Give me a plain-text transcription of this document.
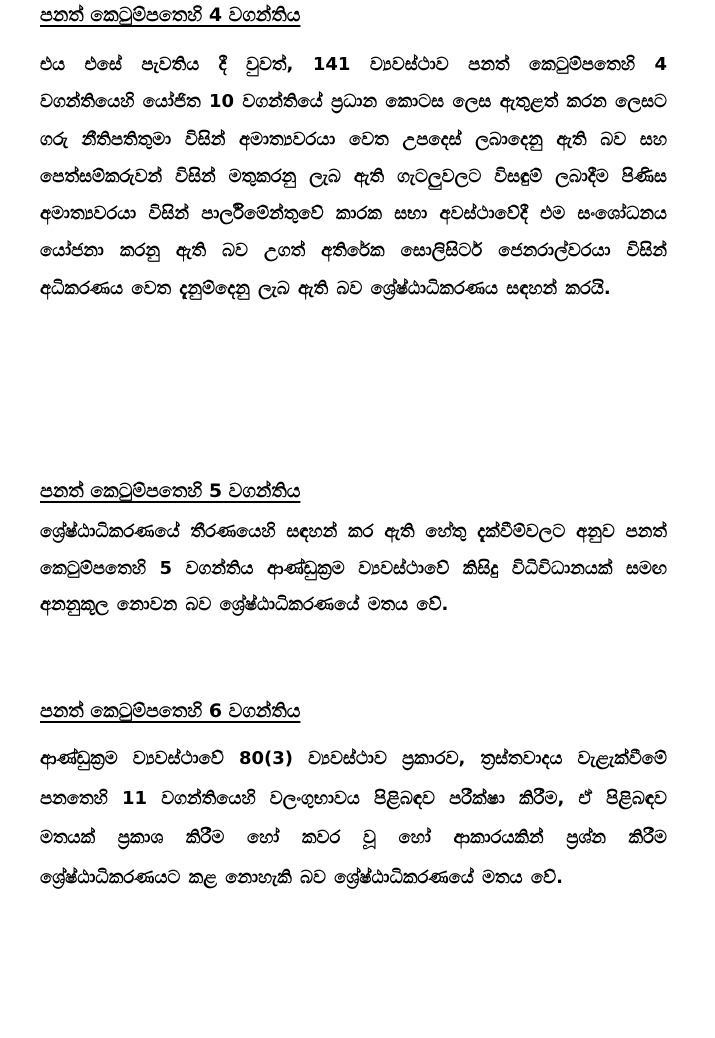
පනත් කෙටුම්පතෙහි 4 වගන්තිය

එය එසේ පැවතිය දී වුවත්, 141 ව්‍යවස්ථාව පනත් කෙටුම්පතෙහි 4 වගන්තියෙහි යෝජිත 10 වගන්තියේ ප්‍රධාන කොටස ලෙස ඇතුළත් කරන ලෙසට ගරු නීතිපතිතුමා විසින් අමාත්‍යවරයා වෙත උපදෙස් ලබාදෙනු ඇති බව සහ පෙත්සම්කරුවන් විසින් මතුකරනු ලැබ ඇති ගැටලුවලට විසඳුම් ලබාදීම පිණිස අමාත්‍යවරයා විසින් පාර්ලිමේන්තුවේ කාරක සභා අවස්ථාවේදී එම සංශෝධනය යෝජනා කරනු ඇති බව උගත් අතිරේක සොලිසිටර් ජෙනරාල්වරයා විසින් අධිකරණය වෙත දැනුම්දෙනු ලැබ ඇති බව ශ්‍රේෂ්ඨාධිකරණය සඳහන් කරයි.

පනත් කෙටුම්පතෙහි 5 වගන්තිය

ශ්‍රේෂ්ඨාධිකරණයේ තීරණයෙහි සඳහන් කර ඇති හේතු දැක්වීම්වලට අනුව පනත් කෙටුම්පතෙහි 5 වගන්තිය ආණ්ඩුක්‍රම ව්‍යවස්ථාවේ කිසිදු විධිවිධානයක් සමඟ අනනුකූල නොවන බව ශ්‍රේෂ්ඨාධිකරණයේ මතය වේ.

පනත් කෙටුම්පතෙහි 6 වගන්තිය

ආණ්ඩුක්‍රම ව්‍යවස්ථාවේ 80(3) ව්‍යවස්ථාව ප්‍රකාරව, ත්‍රස්තවාදය වැළැක්වීමේ පනතෙහි 11 වගන්තියෙහි වලංගුභාවය පිළිබඳව පරීක්ෂා කිරීම, ඒ පිළිබඳව මතයක් ප්‍රකාශ කිරීම හෝ කවර වූ හෝ ආකාරයකින් ප්‍රශ්න කිරීම ශ්‍රේෂ්ඨාධිකරණයට කළ නොහැකි බව ශ්‍රේෂ්ඨාධිකරණයේ මතය වේ.
